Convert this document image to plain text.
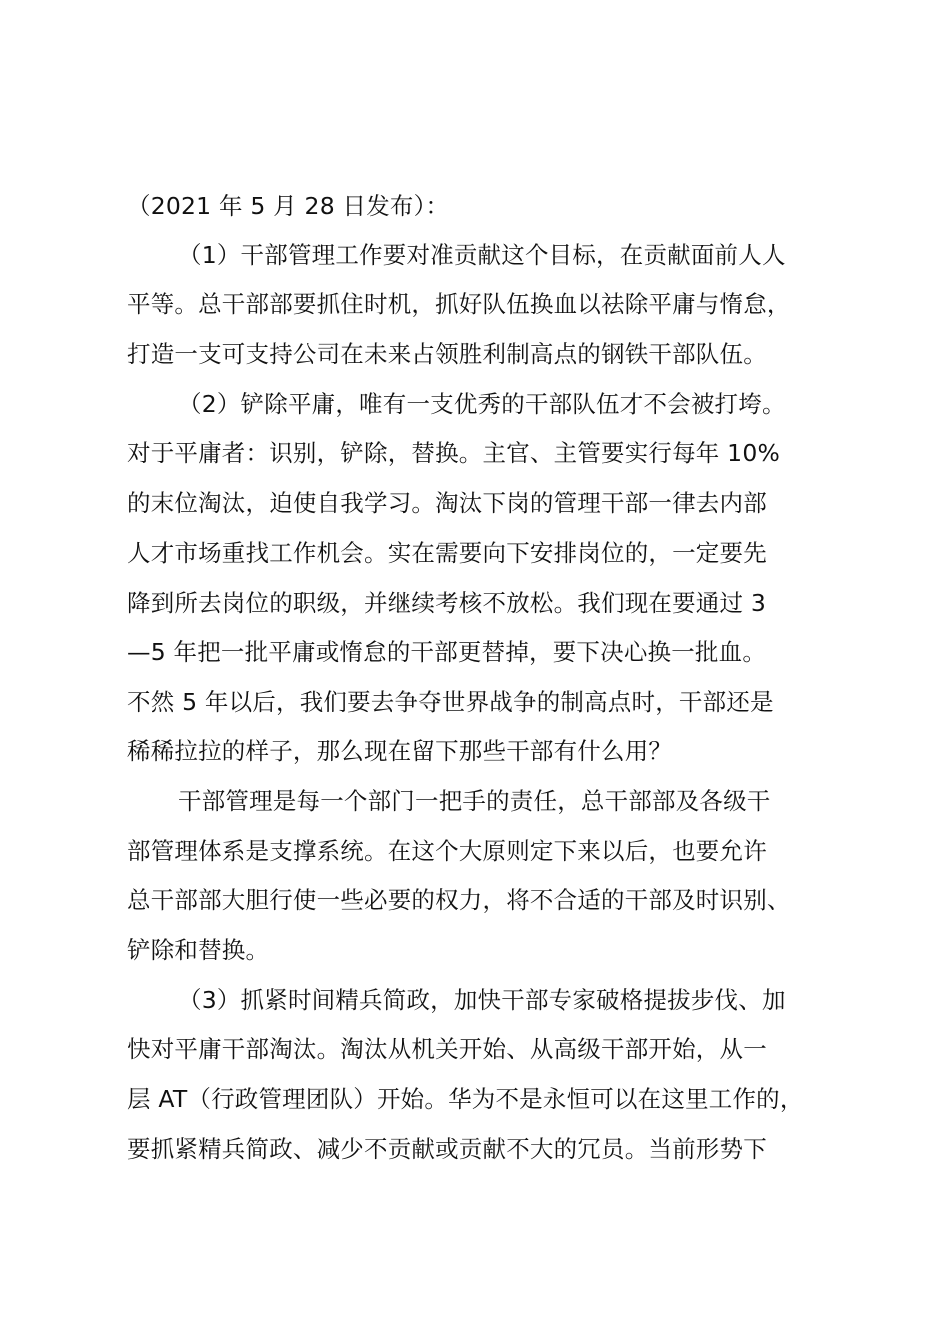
（2021 年 5 月 28 日发布）：
（1）干部管理工作要对准贡献这个目标，在贡献面前人人
平等。总干部部要抓住时机，抓好队伍换血以祛除平庸与惰怠，
打造一支可支持公司在未来占领胜利制高点的钢铁干部队伍。
（2）铲除平庸，唯有一支优秀的干部队伍才不会被打垮。
对于平庸者：识别，铲除，替换。主官、主管要实行每年 10%
的末位淘汰，迫使自我学习。淘汰下岗的管理干部一律去内部
人才市场重找工作机会。实在需要向下安排岗位的，一定要先
降到所去岗位的职级，并继续考核不放松。我们现在要通过 3
—5 年把一批平庸或惰怠的干部更替掉，要下决心换一批血。
不然 5 年以后，我们要去争夺世界战争的制高点时，干部还是
稀稀拉拉的样子，那么现在留下那些干部有什么用？
干部管理是每一个部门一把手的责任，总干部部及各级干
部管理体系是支撑系统。在这个大原则定下来以后，也要允许
总干部部大胆行使一些必要的权力，将不合适的干部及时识别、
铲除和替换。
（3）抓紧时间精兵简政，加快干部专家破格提拔步伐、加
快对平庸干部淘汰。淘汰从机关开始、从高级干部开始，从一
层 AT（行政管理团队）开始。华为不是永恒可以在这里工作的，
要抓紧精兵简政、减少不贡献或贡献不大的冗员。当前形势下
